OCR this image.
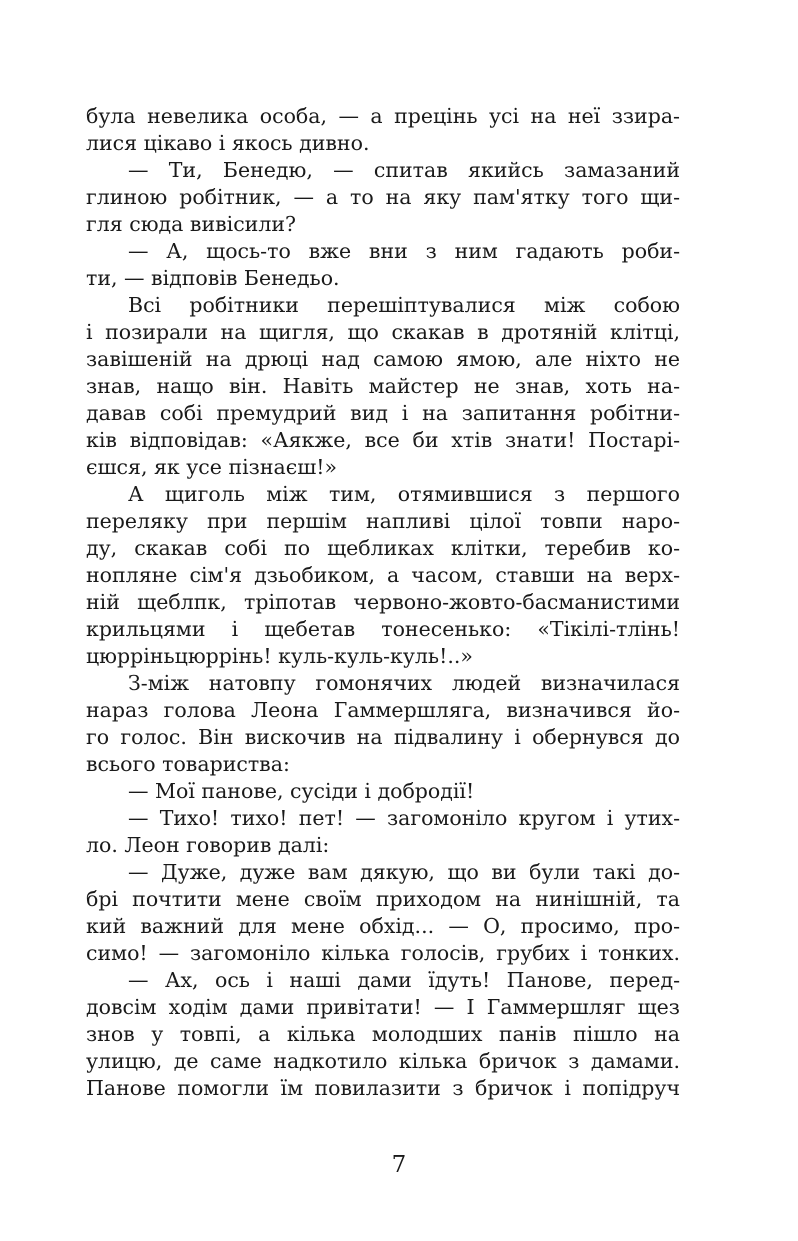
була невелика особа, — а прецінь усі на неї ззира-
лися цікаво і якось дивно.
— Ти, Бенедю, — спитав якийсь замазаний
глиною робітник, — а то на яку пам'ятку того щи-
гля сюда вивісили?
— А, щось-то вже вни з ним гадають роби-
ти, — відповів Бенедьо.
Всі робітники перешіптувалися між собою
і позирали на щигля, що скакав в дротяній клітці,
завішеній на дрюці над самою ямою, але ніхто не
знав, нащо він. Навіть майстер не знав, хоть на-
давав собі премудрий вид і на запитання робітни-
ків відповідав: «Аякже, все би хтів знати! Постарі-
єшся, як усе пізнаєш!»
А щиголь між тим, отямившися з першого
переляку при першім напливі цілої товпи наро-
ду, скакав собі по щебликах клітки, теребив ко-
нопляне сім'я дзьобиком, а часом, ставши на верх-
ній щеблпк, тріпотав червоно-жовто-басманистими
крильцями і щебетав тонесенько: «Тікілі-тлінь!
цюрріньцюррінь! куль-куль-куль!..»
З-між натовпу гомонячих людей визначилася
нараз голова Леона Гаммершляга, визначився йо-
го голос. Він вискочив на підвалину і обернувся до
всього товариства:
— Мої панове, сусіди і добродії!
— Тихо! тихо! пет! — загомоніло кругом і утих-
ло. Леон говорив далі:
— Дуже, дуже вам дякую, що ви були такі до-
брі почтити мене своїм приходом на нинішній, та
кий важний для мене обхід... — О, просимо, про-
симо! — загомоніло кілька голосів, грубих і тонких.
— Ах, ось і наші дами їдуть! Панове, перед-
довсім ходім дами привітати! — І Гаммершляг щез
знов у товпі, а кілька молодших панів пішло на
улицю, де саме надкотило кілька бричок з дамами.
Панове помогли їм повилазити з бричок і попідруч
7
